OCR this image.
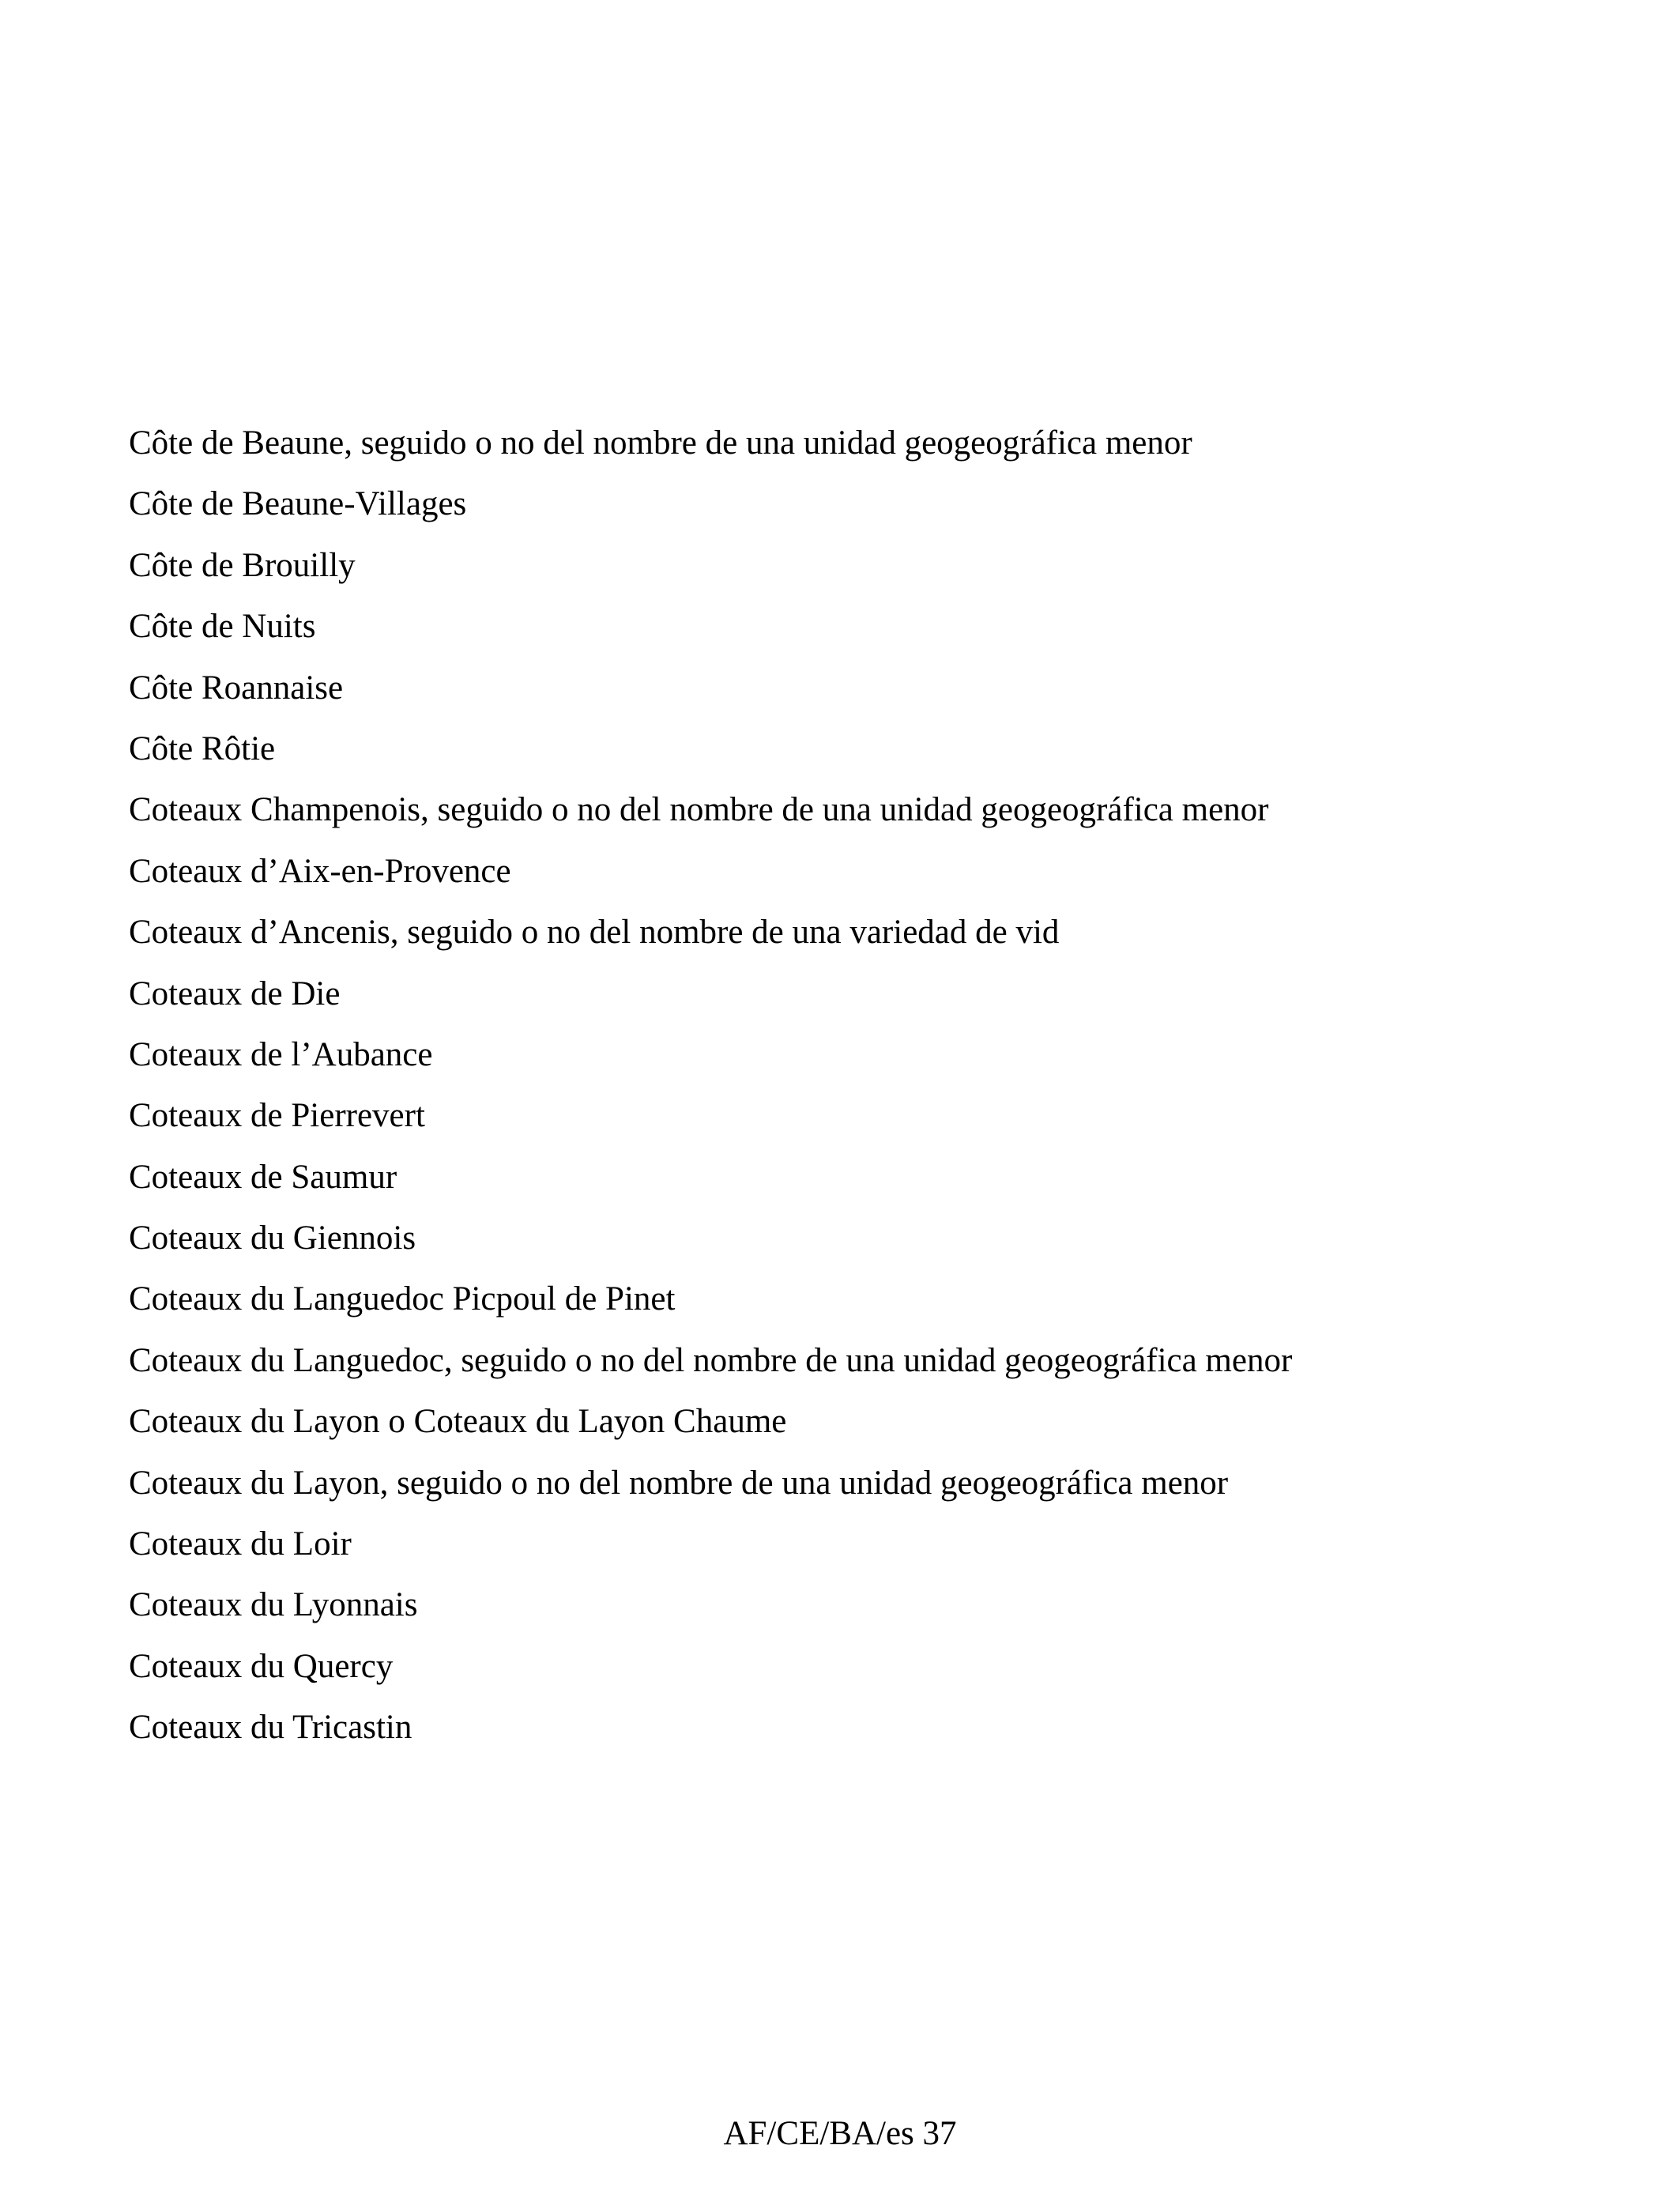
Côte de Beaune, seguido o no del nombre de una unidad geogeográfica menor
Côte de Beaune-Villages
Côte de Brouilly
Côte de Nuits
Côte Roannaise
Côte Rôtie
Coteaux Champenois, seguido o no del nombre de una unidad geogeográfica menor
Coteaux d’Aix-en-Provence
Coteaux d’Ancenis, seguido o no del nombre de una variedad de vid
Coteaux de Die
Coteaux de l’Aubance
Coteaux de Pierrevert
Coteaux de Saumur
Coteaux du Giennois
Coteaux du Languedoc Picpoul de Pinet
Coteaux du Languedoc, seguido o no del nombre de una unidad geogeográfica menor
Coteaux du Layon o Coteaux du Layon Chaume
Coteaux du Layon, seguido o no del nombre de una unidad geogeográfica menor
Coteaux du Loir
Coteaux du Lyonnais
Coteaux du Quercy
Coteaux du Tricastin
AF/CE/BA/es 37
